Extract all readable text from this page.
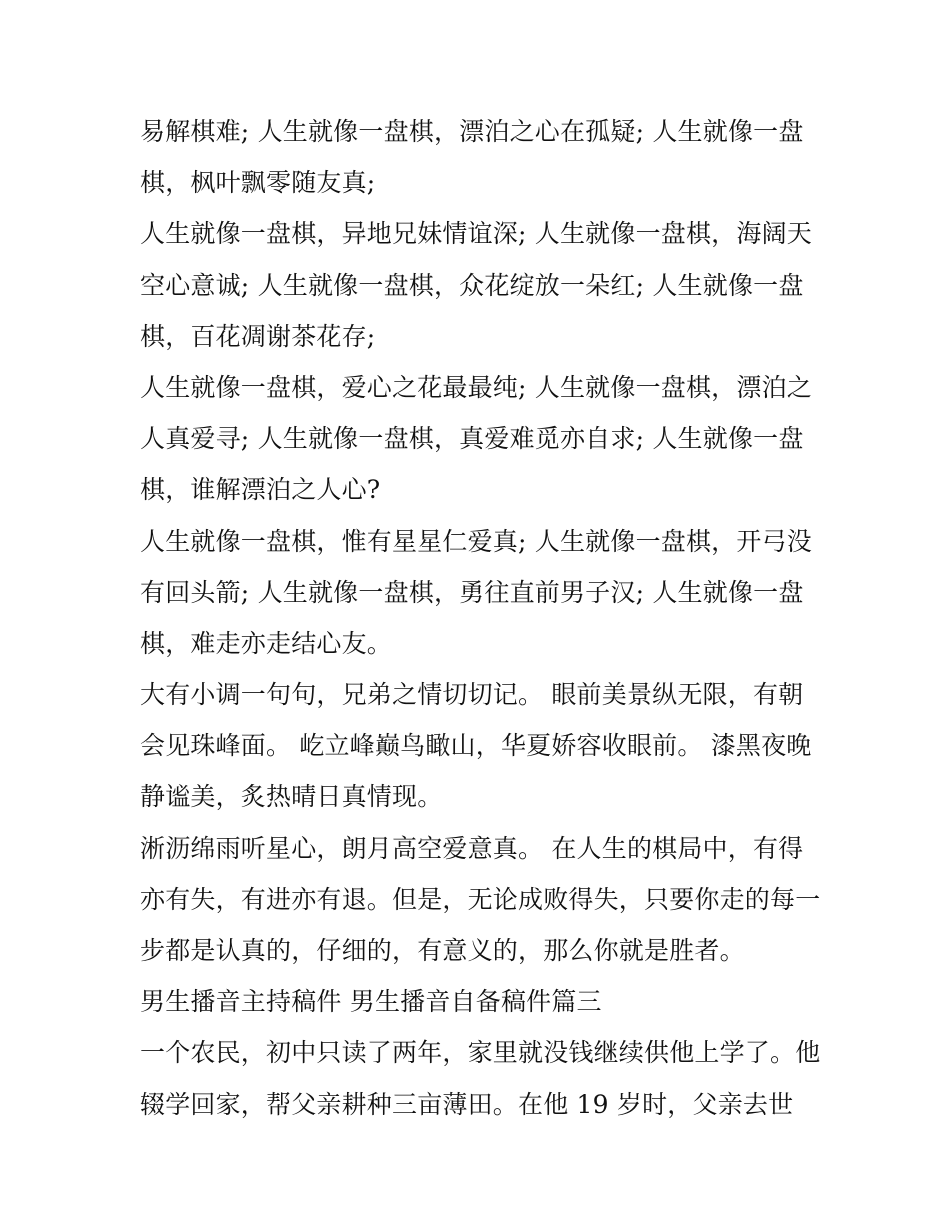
易解棋难; 人生就像一盘棋，漂泊之心在孤疑; 人生就像一盘
棋，枫叶飘零随友真;
人生就像一盘棋，异地兄妹情谊深; 人生就像一盘棋，海阔天
空心意诚; 人生就像一盘棋，众花绽放一朵红; 人生就像一盘
棋，百花凋谢茶花存;
人生就像一盘棋，爱心之花最最纯; 人生就像一盘棋，漂泊之
人真爱寻; 人生就像一盘棋，真爱难觅亦自求; 人生就像一盘
棋，谁解漂泊之人心?
人生就像一盘棋，惟有星星仁爱真; 人生就像一盘棋，开弓没
有回头箭; 人生就像一盘棋，勇往直前男子汉; 人生就像一盘
棋，难走亦走结心友。
大有小调一句句，兄弟之情切切记。 眼前美景纵无限，有朝
会见珠峰面。 屹立峰巅鸟瞰山，华夏娇容收眼前。 漆黑夜晚
静谧美，炙热晴日真情现。
淅沥绵雨听星心，朗月高空爱意真。 在人生的棋局中，有得
亦有失，有进亦有退。但是，无论成败得失，只要你走的每一
步都是认真的，仔细的，有意义的，那么你就是胜者。
男生播音主持稿件 男生播音自备稿件篇三
一个农民，初中只读了两年，家里就没钱继续供他上学了。他
辍学回家，帮父亲耕种三亩薄田。在他 19 岁时，父亲去世
